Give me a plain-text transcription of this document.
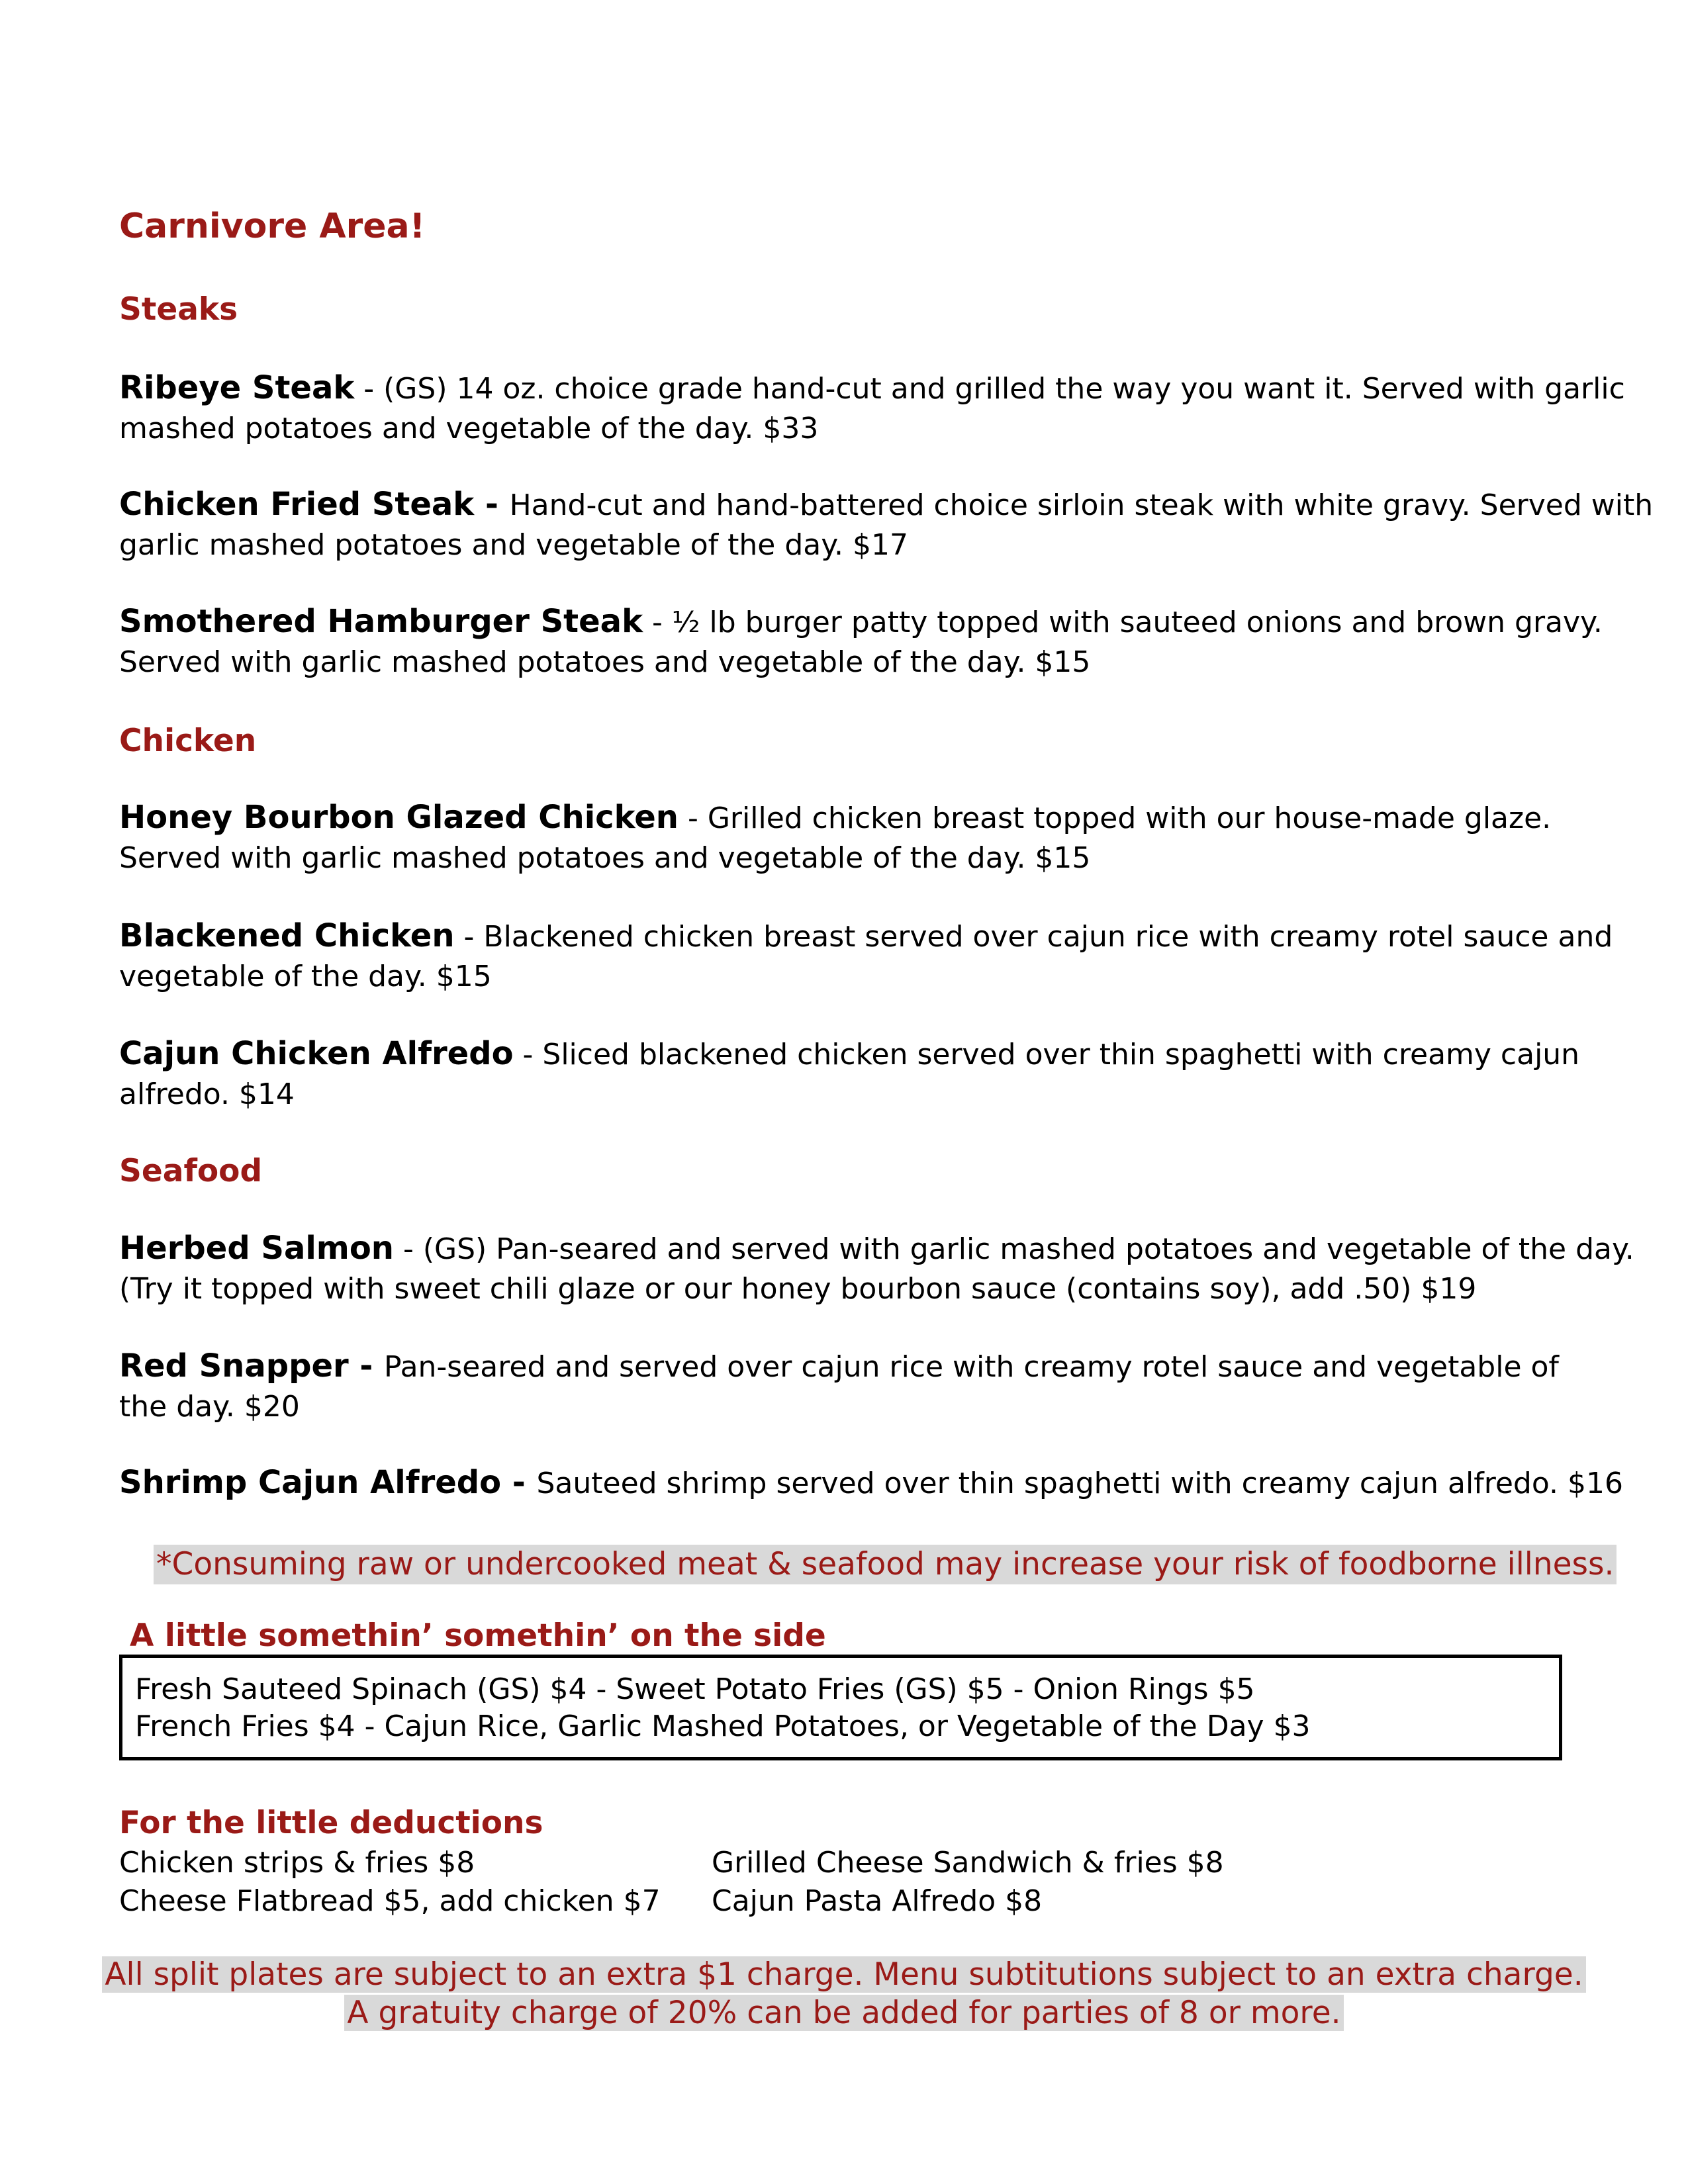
Carnivore Area!
Steaks
Ribeye Steak - (GS) 14 oz. choice grade hand-cut and grilled the way you want it. Served with garlic
mashed potatoes and vegetable of the day. $33
Chicken Fried Steak - Hand-cut and hand-battered choice sirloin steak with white gravy. Served with
garlic mashed potatoes and vegetable of the day. $17
Smothered Hamburger Steak - ½ lb burger patty topped with sauteed onions and brown gravy.
Served with garlic mashed potatoes and vegetable of the day. $15
Chicken
Honey Bourbon Glazed Chicken - Grilled chicken breast topped with our house-made glaze.
Served with garlic mashed potatoes and vegetable of the day. $15
Blackened Chicken - Blackened chicken breast served over cajun rice with creamy rotel sauce and
vegetable of the day. $15
Cajun Chicken Alfredo - Sliced blackened chicken served over thin spaghetti with creamy cajun
alfredo. $14
Seafood
Herbed Salmon - (GS) Pan-seared and served with garlic mashed potatoes and vegetable of the day.
(Try it topped with sweet chili glaze or our honey bourbon sauce (contains soy), add .50) $19
Red Snapper - Pan-seared and served over cajun rice with creamy rotel sauce and vegetable of
the day. $20
Shrimp Cajun Alfredo - Sauteed shrimp served over thin spaghetti with creamy cajun alfredo. $16
*Consuming raw or undercooked meat & seafood may increase your risk of foodborne illness.
A little somethin’ somethin’ on the side
Fresh Sauteed Spinach (GS) $4 - Sweet Potato Fries (GS) $5 - Onion Rings $5
French Fries $4 - Cajun Rice, Garlic Mashed Potatoes, or Vegetable of the Day $3
For the little deductions
Chicken strips & fries $8
Cheese Flatbread $5, add chicken $7
Grilled Cheese Sandwich & fries $8
Cajun Pasta Alfredo $8
All split plates are subject to an extra $1 charge. Menu subtitutions subject to an extra charge.
A gratuity charge of 20% can be added for parties of 8 or more.
